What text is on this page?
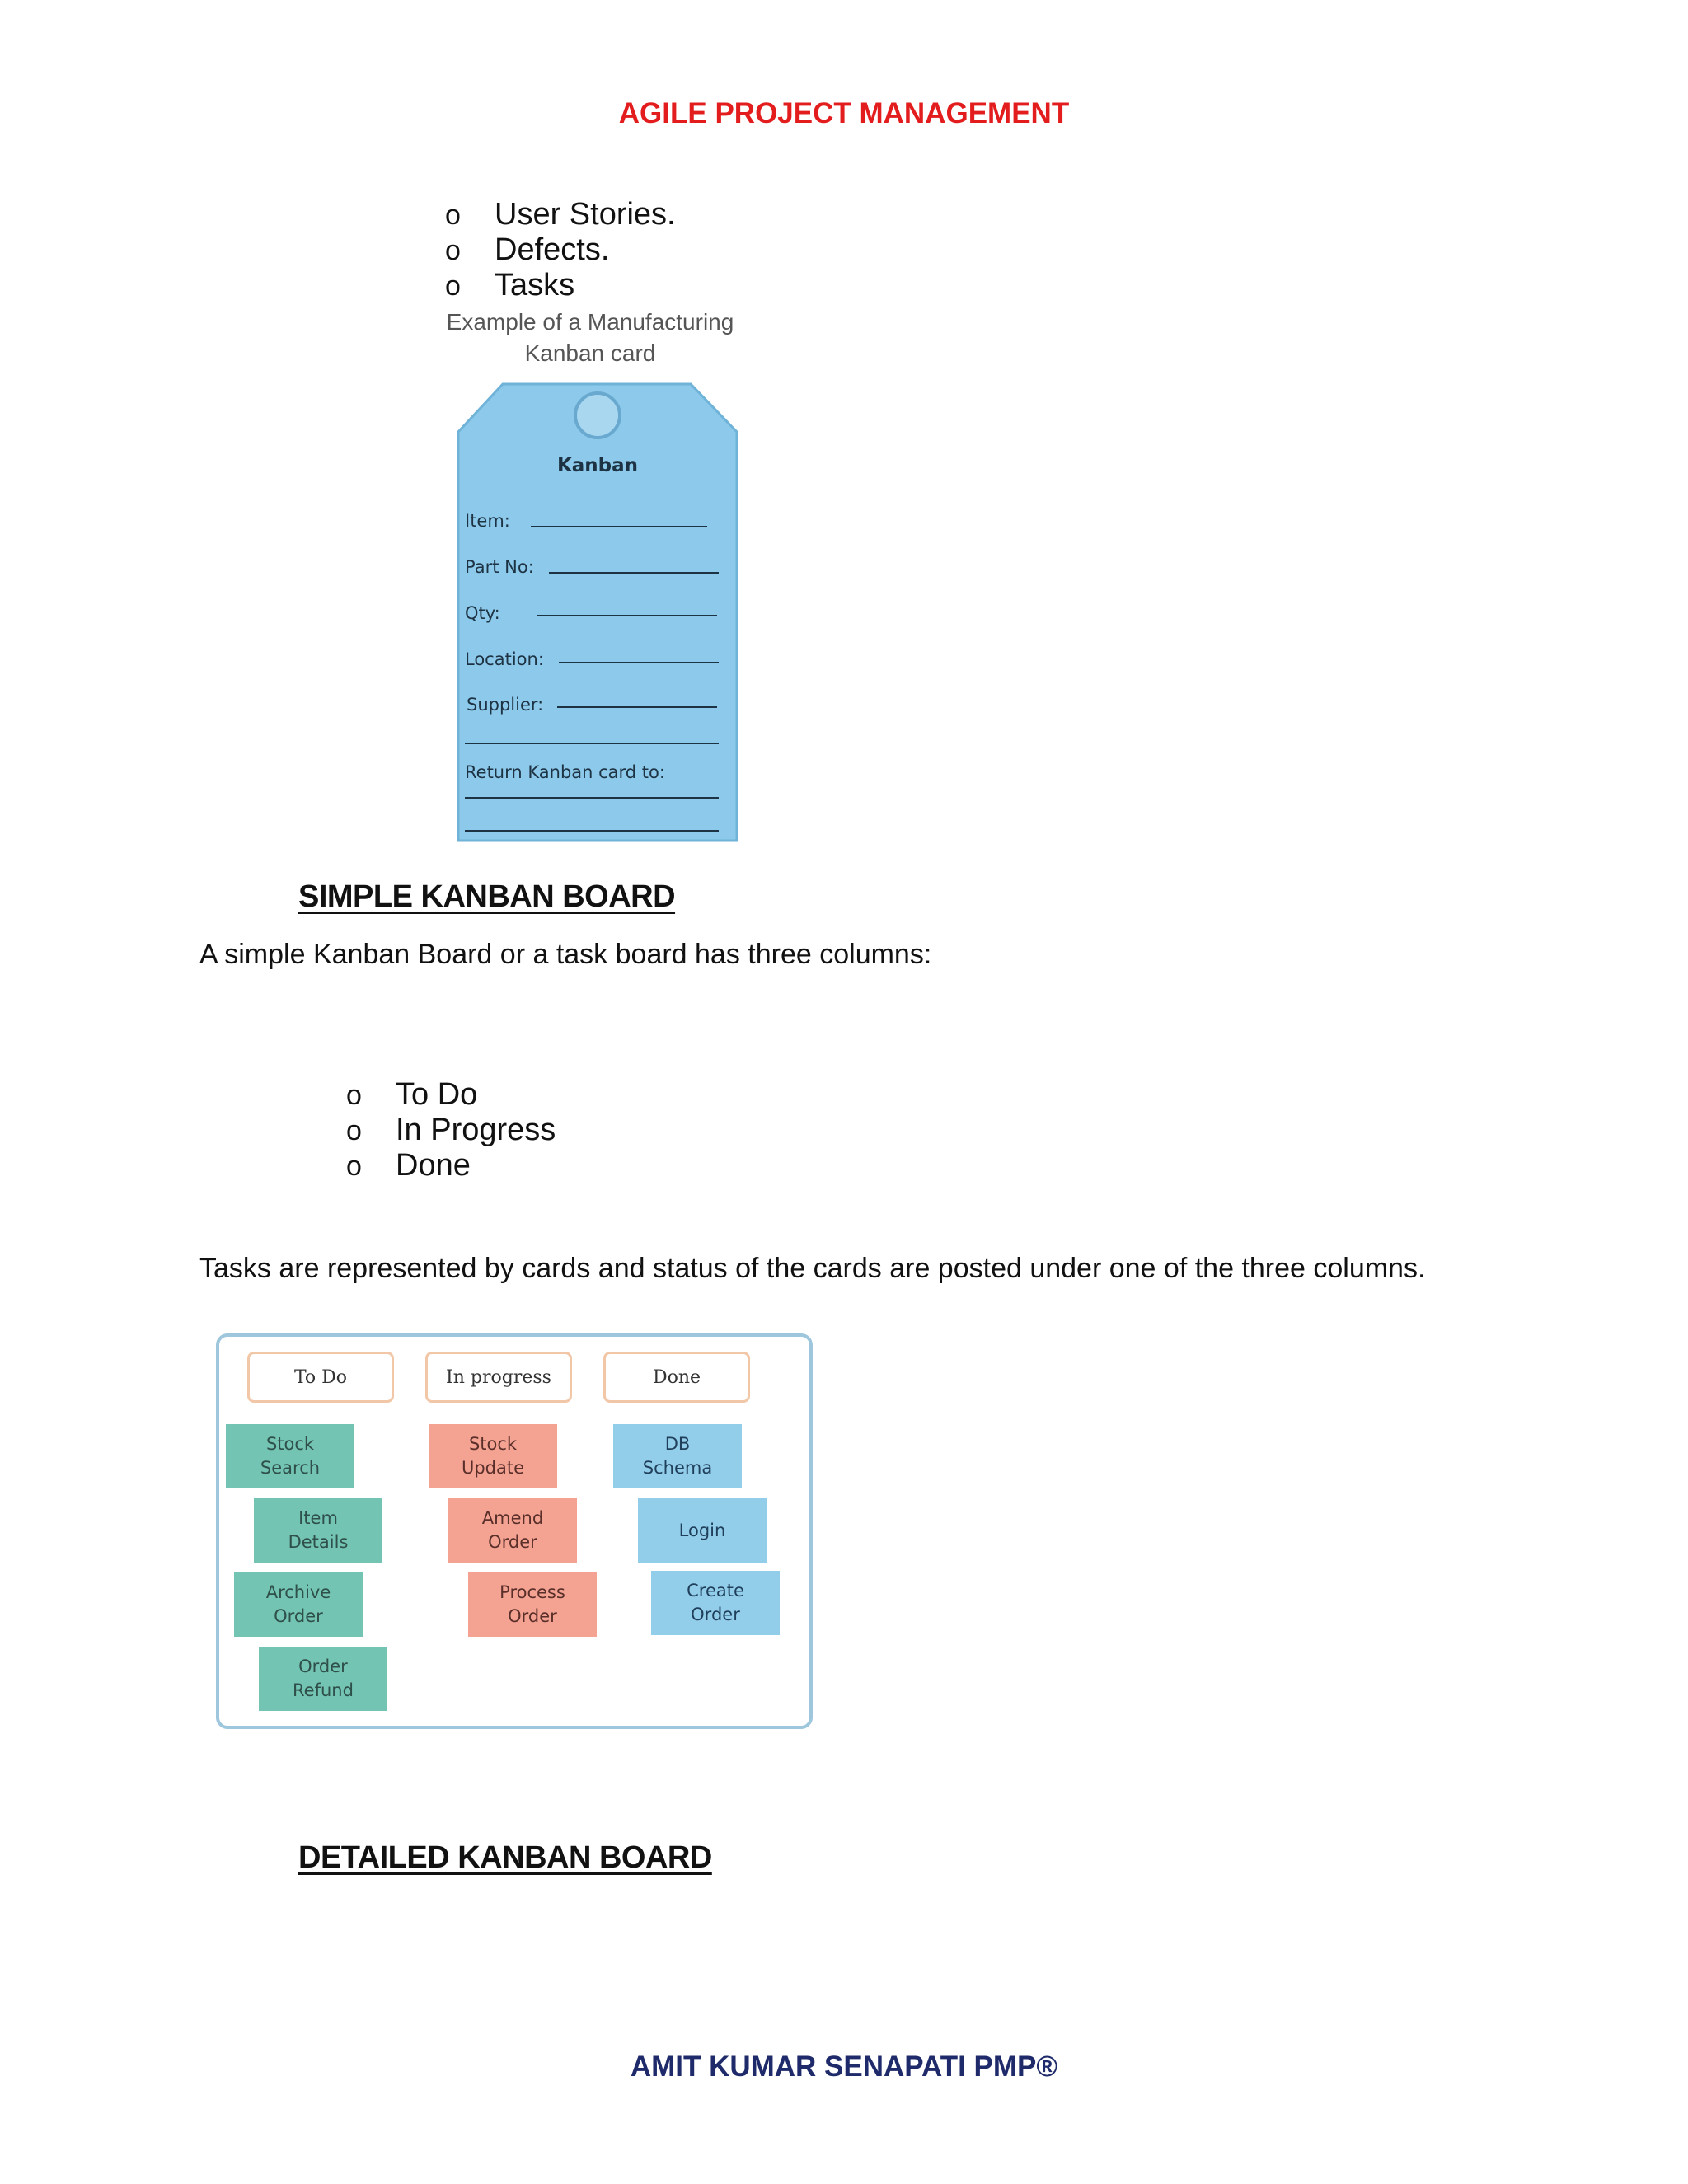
AGILE PROJECT MANAGEMENT
o	User Stories.
o	Defects.
o	Tasks
Example of a Manufacturing
Kanban card
Kanban
Item:
Part No:
Qty:
Location:
Supplier:
Return Kanban card to:
SIMPLE KANBAN BOARD
A simple Kanban Board or a task board has three columns:
o	To Do
o	In Progress
o	Done
Tasks are represented by cards and status of the cards are posted under one of the three columns.
To Do	In progress	Done
Stock
Search
Item
Details
Archive
Order
Order
Refund
Stock
Update
Amend
Order
Process
Order
DB
Schema
Login
Create
Order
DETAILED KANBAN BOARD
AMIT KUMAR SENAPATI PMP®
